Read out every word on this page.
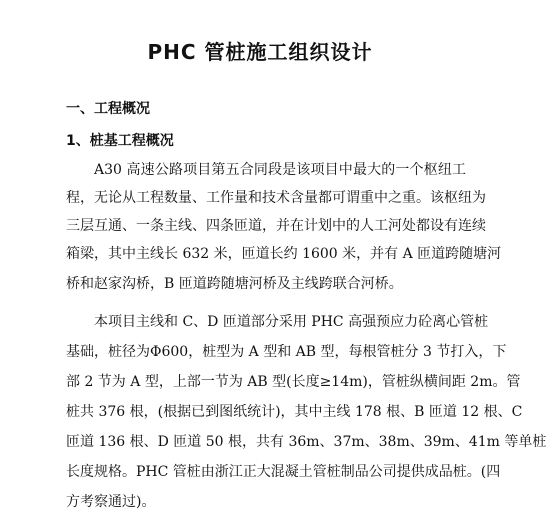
PHC 管桩施工组织设计
一、工程概况
1、桩基工程概况

A30 高速公路项目第五合同段是该项目中最大的一个枢纽工

程，无论从工程数量、工作量和技术含量都可谓重中之重。该枢纽为

三层互通、一条主线、四条匝道，并在计划中的人工河处都设有连续

箱梁，其中主线长 632 米，匝道长约 1600 米，并有 A 匝道跨随塘河

桥和赵家沟桥，B 匝道跨随塘河桥及主线跨联合河桥。

本项目主线和 C、D 匝道部分采用 PHC 高强预应力砼离心管桩

基础，桩径为Φ600，桩型为 A 型和 AB 型，每根管桩分 3 节打入，下

部 2 节为 A 型，上部一节为 AB 型(长度≥14m)，管桩纵横间距 2m。管

桩共 376 根，(根据已到图纸统计)，其中主线 178 根、B 匝道 12 根、C

匝道 136 根、D 匝道 50 根，共有 36m、37m、38m、39m、41m 等单桩

长度规格。PHC 管桩由浙江正大混凝土管桩制品公司提供成品桩。(四

方考察通过)。
